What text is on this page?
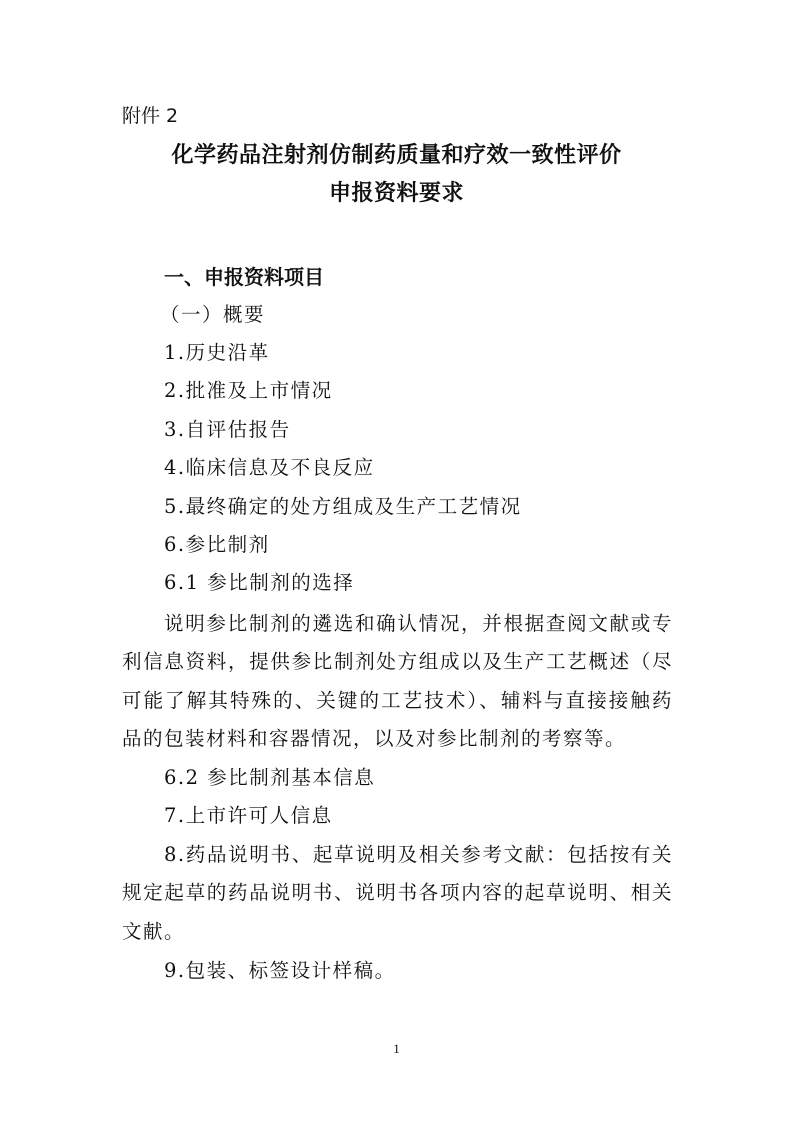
附件 2
化学药品注射剂仿制药质量和疗效一致性评价
申报资料要求
一、申报资料项目
（一）概要
1.历史沿革
2.批准及上市情况
3.自评估报告
4.临床信息及不良反应
5.最终确定的处方组成及生产工艺情况
6.参比制剂
6.1 参比制剂的选择
说明参比制剂的遴选和确认情况，并根据查阅文献或专
利信息资料，提供参比制剂处方组成以及生产工艺概述（尽
可能了解其特殊的、关键的工艺技术）、辅料与直接接触药
品的包装材料和容器情况，以及对参比制剂的考察等。
6.2 参比制剂基本信息
7.上市许可人信息
8.药品说明书、起草说明及相关参考文献：包括按有关
规定起草的药品说明书、说明书各项内容的起草说明、相关
文献。
9.包装、标签设计样稿。
1
